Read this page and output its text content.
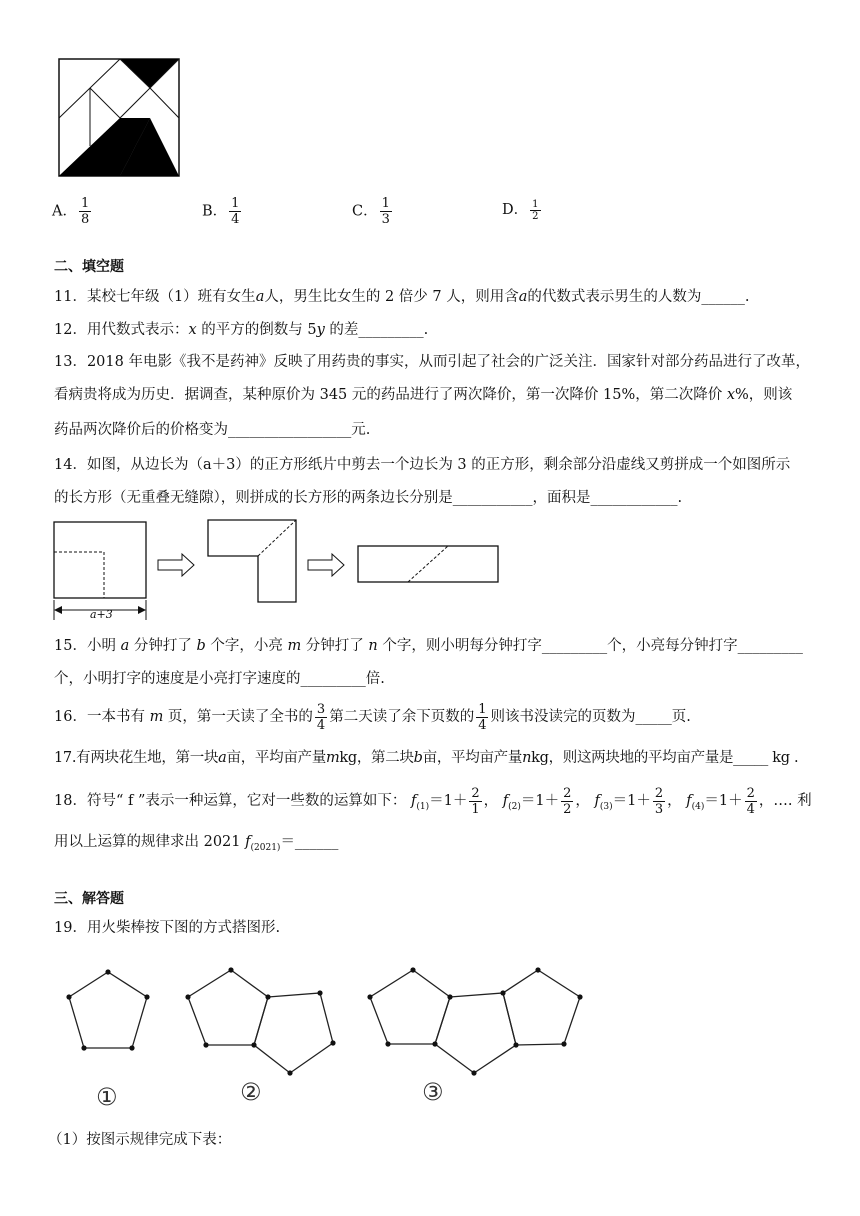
A． $\frac{1}{8}$	B． $\frac{1}{4}$	C． $\frac{1}{3}$	D． $\frac{1}{2}$
二、填空题
11．某校七年级（1）班有女生a人，男生比女生的 2 倍少 7 人，则用含a的代数式表示男生的人数为______.
12．用代数式表示：x 的平方的倒数与 5y 的差_________.
13．2018 年电影《我不是药神》反映了用药贵的事实，从而引起了社会的广泛关注．国家针对部分药品进行了改革，
看病贵将成为历史．据调查，某种原价为 345 元的药品进行了两次降价，第一次降价 15%，第二次降价 x%，则该
药品两次降价后的价格变为_________________元.
14．如图，从边长为（a＋3）的正方形纸片中剪去一个边长为 3 的正方形，剩余部分沿虚线又剪拼成一个如图所示
的长方形（无重叠无缝隙），则拼成的长方形的两条边长分别是___________，面积是____________.
a+3
15．小明 a 分钟打了 b 个字，小亮 m 分钟打了 n 个字，则小明每分钟打字_________个，小亮每分钟打字_________
个，小明打字的速度是小亮打字速度的_________倍.
16．一本书有 m 页，第一天读了全书的 $\frac{3}{4}$ 第二天读了余下页数的 $\frac{1}{4}$ 则该书没读完的页数为_____页.
17.有两块花生地，第一块a亩，平均亩产量mkg，第二块b亩，平均亩产量nkg，则这两块地的平均亩产量是_____ kg .
18．符号“ f ”表示一种运算，它对一些数的运算如下： $f_{(1)}=1+ \frac{2}{1}$ ， $f_{(2)}=1+ \frac{2}{2}$ ， $f_{(3)}=1+ \frac{2}{3}$ ， $f_{(4)}=1+ \frac{2}{4}$ ，…. 利
用以上运算的规律求出 2021 $f_{(2021)}=\_\_\_\_\_\_$
三、解答题
19．用火柴棒按下图的方式搭图形.
①	②	③
（1）按图示规律完成下表：
